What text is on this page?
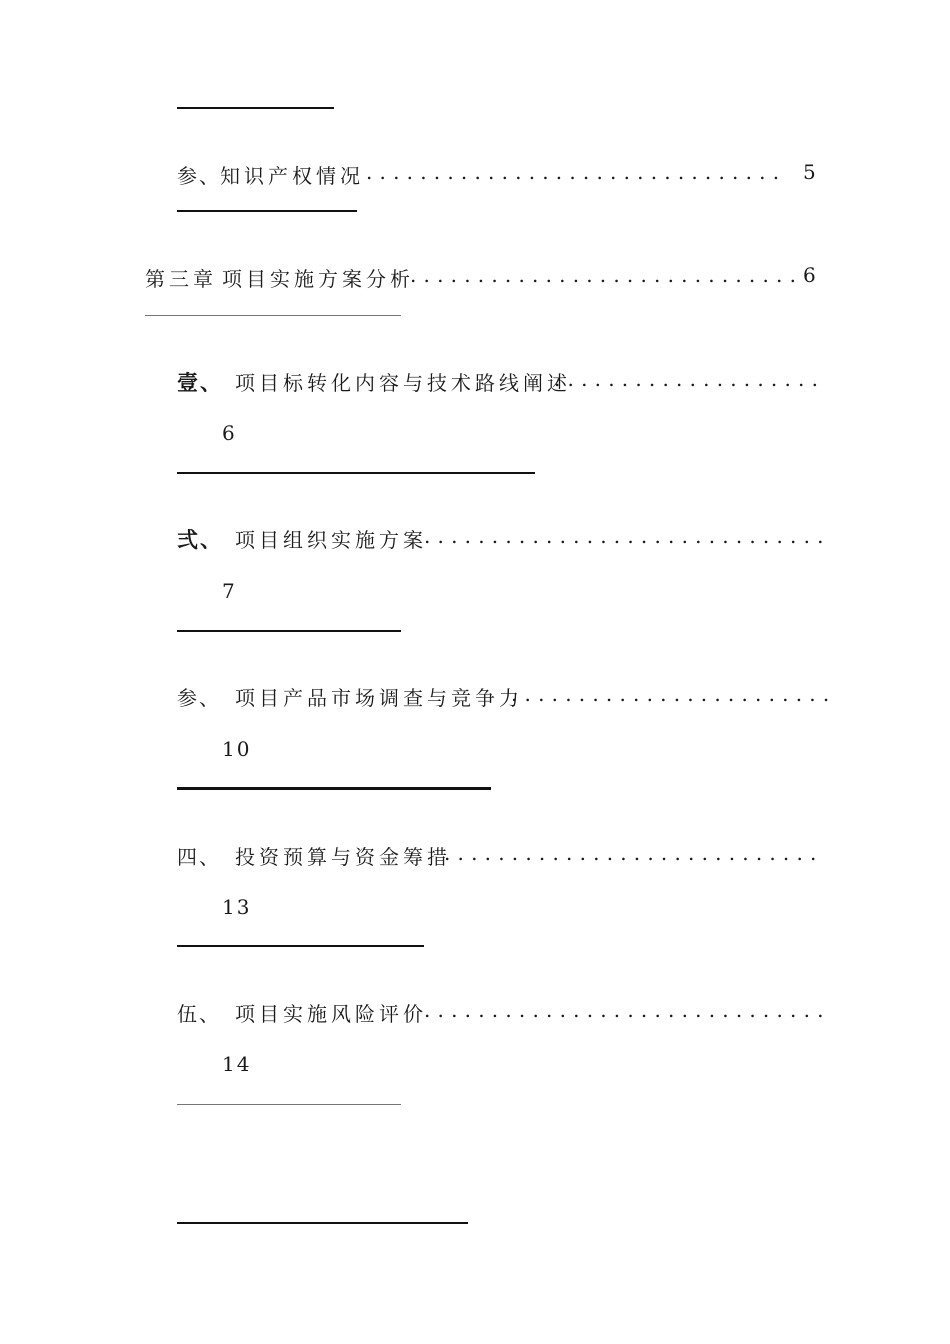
参、 知识产权情况 ............................... 5
第三章 项目实施方案分析
............................. 6
壹、 项目标转化内容与技术路线阐述
....................
6
弍、 项目组织实施方案
..............................
7
参、 项目产品市场调查与竞争力
........................
10
四、 投资预算与资金筹措
............................
13
伍、 项目实施风险评价
..............................
14
